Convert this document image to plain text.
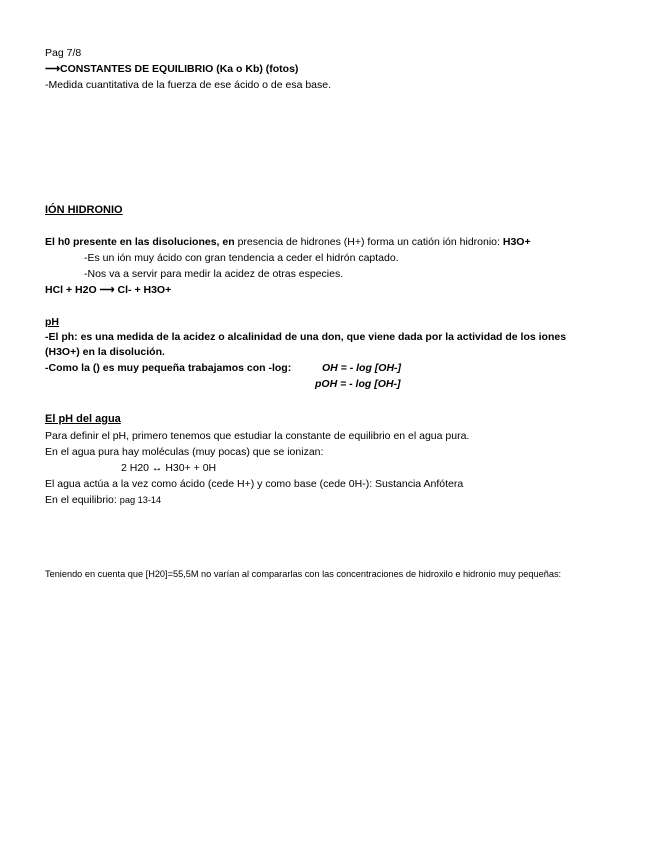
Pag 7/8
⟶CONSTANTES DE EQUILIBRIO (Ka o Kb) (fotos)
-Medida cuantitativa de la fuerza de ese ácido o de esa base.
IÓN HIDRONIO
El h0 presente en las disoluciones, en presencia de hidrones (H+) forma un catión ión hidronio: H3O+
-Es un ión muy ácido con gran tendencia a ceder el hidrón captado.
-Nos va a servir para medir la acidez de otras especies.
HCl + H2O ⟶ Cl- + H3O+
pH
-El ph: es una medida de la acidez o alcalinidad de una don, que viene dada por la actividad de los iones
(H3O+) en la disolución.
-Como la () es muy pequeña trabajamos con -log:	OH = - log [OH-]
pOH = - log [OH-]
El pH del agua
Para definir el pH, primero tenemos que estudiar la constante de equilibrio en el agua pura.
En el agua pura hay moléculas (muy pocas) que se ionizan:
2 H20 ↔ H30+ + 0H
El agua actúa a la vez como ácido (cede H+) y como base (cede 0H-): Sustancia Anfótera
En el equilibrio: pag 13-14
Teniendo en cuenta que [H20]=55,5M no varían al compararlas con las concentraciones de hidroxilo e hidronio muy pequeñas:
